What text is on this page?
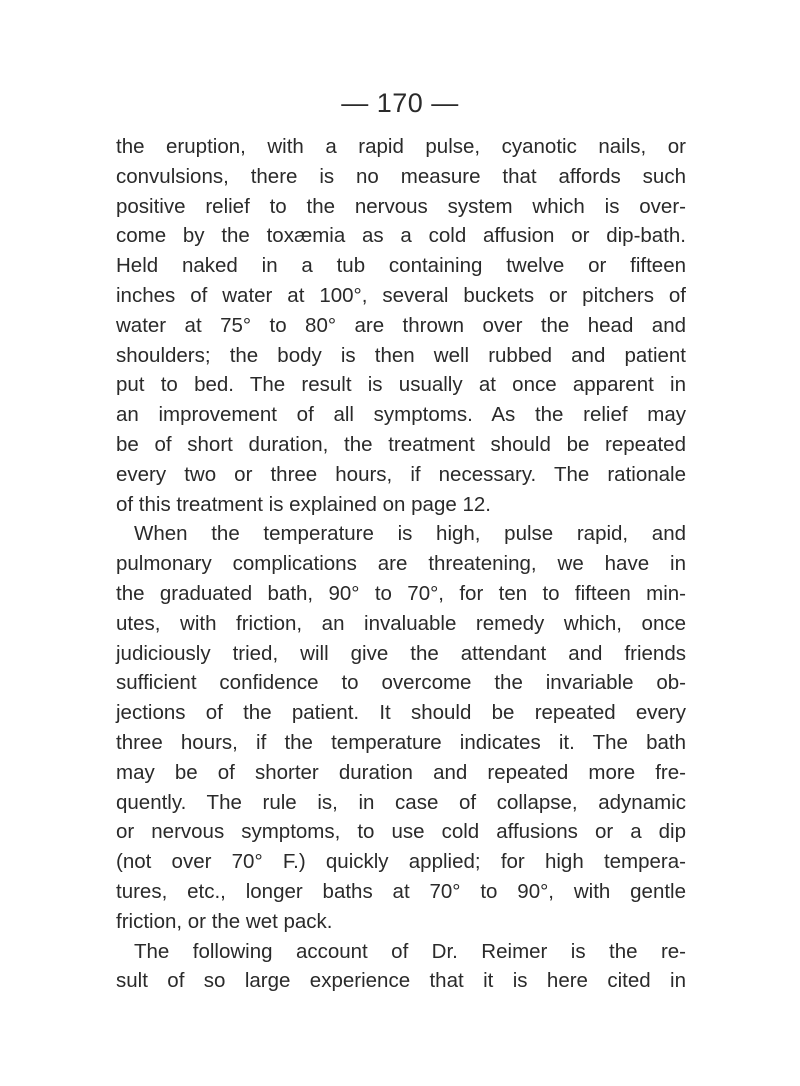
— 170 —
the eruption, with a rapid pulse, cyanotic nails, or
convulsions, there is no measure that affords such
positive relief to the nervous system which is over-
come by the toxæmia as a cold affusion or dip-bath.
Held naked in a tub containing twelve or fifteen
inches of water at 100°, several buckets or pitchers of
water at 75° to 80° are thrown over the head and
shoulders; the body is then well rubbed and patient
put to bed. The result is usually at once apparent in
an improvement of all symptoms. As the relief may
be of short duration, the treatment should be repeated
every two or three hours, if necessary. The rationale
of this treatment is explained on page 12.
When the temperature is high, pulse rapid, and
pulmonary complications are threatening, we have in
the graduated bath, 90° to 70°, for ten to fifteen min-
utes, with friction, an invaluable remedy which, once
judiciously tried, will give the attendant and friends
sufficient confidence to overcome the invariable ob-
jections of the patient. It should be repeated every
three hours, if the temperature indicates it. The bath
may be of shorter duration and repeated more fre-
quently. The rule is, in case of collapse, adynamic
or nervous symptoms, to use cold affusions or a dip
(not over 70° F.) quickly applied; for high tempera-
tures, etc., longer baths at 70° to 90°, with gentle
friction, or the wet pack.
The following account of Dr. Reimer is the re-
sult of so large experience that it is here cited in
